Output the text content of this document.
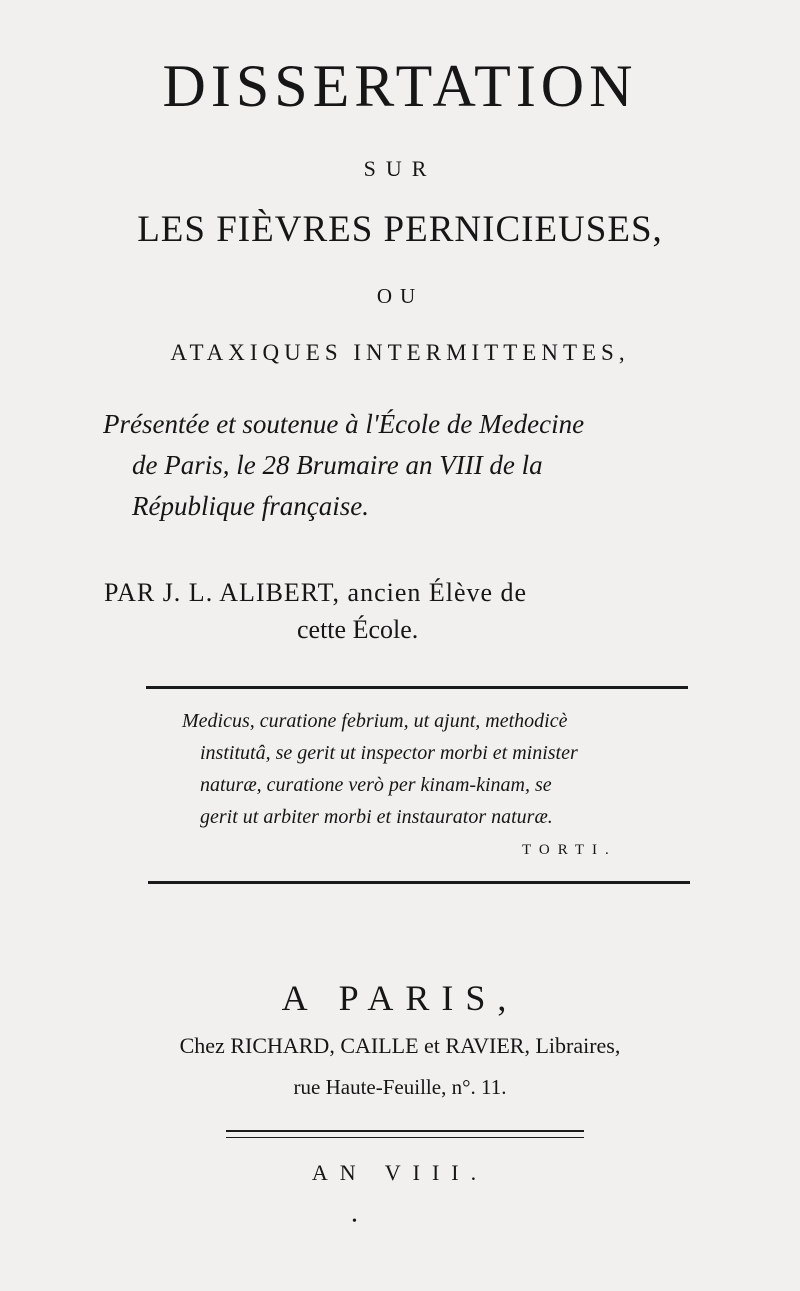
DISSERTATION
SUR
LES FIÈVRES PERNICIEUSES,
OU
ATAXIQUES INTERMITTENTES,
Présentée et soutenue à l'École de Medecine
de Paris, le 28 Brumaire an VIII de la
République française.
PAR J. L. ALIBERT, ancien Élève de
cette École.
Medicus, curatione febrium, ut ajunt, methodicè
institutâ, se gerit ut inspector morbi et minister
naturæ, curatione verò per kinam-kinam, se
gerit ut arbiter morbi et instaurator naturæ.
TORTI.
A PARIS,
Chez RICHARD, CAILLE et RAVIER, Libraires,
rue Haute-Feuille, n°. 11.
AN VIII.
•
